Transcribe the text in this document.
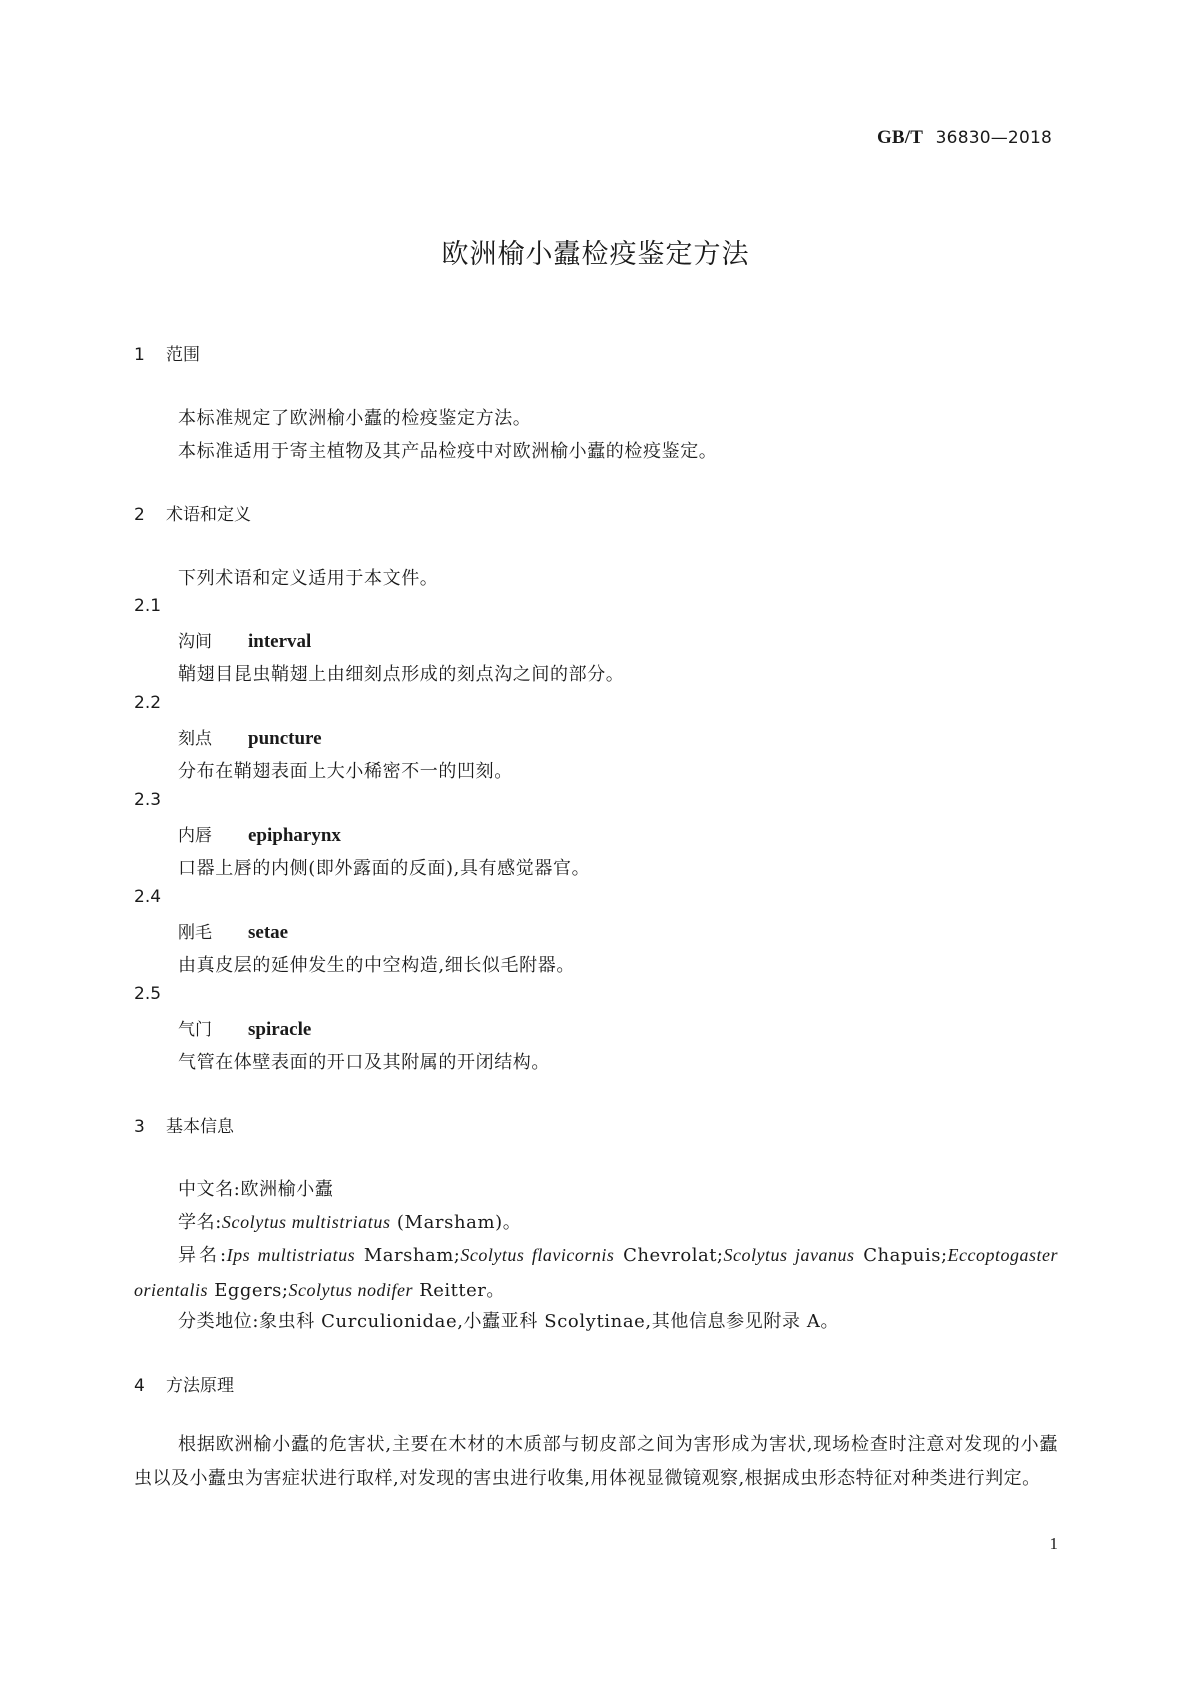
GB/T 36830—2018
欧洲榆小蠹检疫鉴定方法
1 范围
本标准规定了欧洲榆小蠹的检疫鉴定方法。
本标准适用于寄主植物及其产品检疫中对欧洲榆小蠹的检疫鉴定。
2 术语和定义
下列术语和定义适用于本文件。
2.1
沟间 interval
鞘翅目昆虫鞘翅上由细刻点形成的刻点沟之间的部分。
2.2
刻点 puncture
分布在鞘翅表面上大小稀密不一的凹刻。
2.3
内唇 epipharynx
口器上唇的内侧(即外露面的反面),具有感觉器官。
2.4
刚毛 setae
由真皮层的延伸发生的中空构造,细长似毛附器。
2.5
气门 spiracle
气管在体壁表面的开口及其附属的开闭结构。
3 基本信息
中文名:欧洲榆小蠹
学名:Scolytus multistriatus (Marsham)。
异名:Ips multistriatus Marsham;Scolytus flavicornis Chevrolat;Scolytus javanus Chapuis;Eccoptogaster orientalis Eggers;Scolytus nodifer Reitter。
分类地位:象虫科 Curculionidae,小蠹亚科 Scolytinae,其他信息参见附录 A。
4 方法原理
根据欧洲榆小蠹的危害状,主要在木材的木质部与韧皮部之间为害形成为害状,现场检查时注意对发现的小蠹虫以及小蠹虫为害症状进行取样,对发现的害虫进行收集,用体视显微镜观察,根据成虫形态特征对种类进行判定。
1
